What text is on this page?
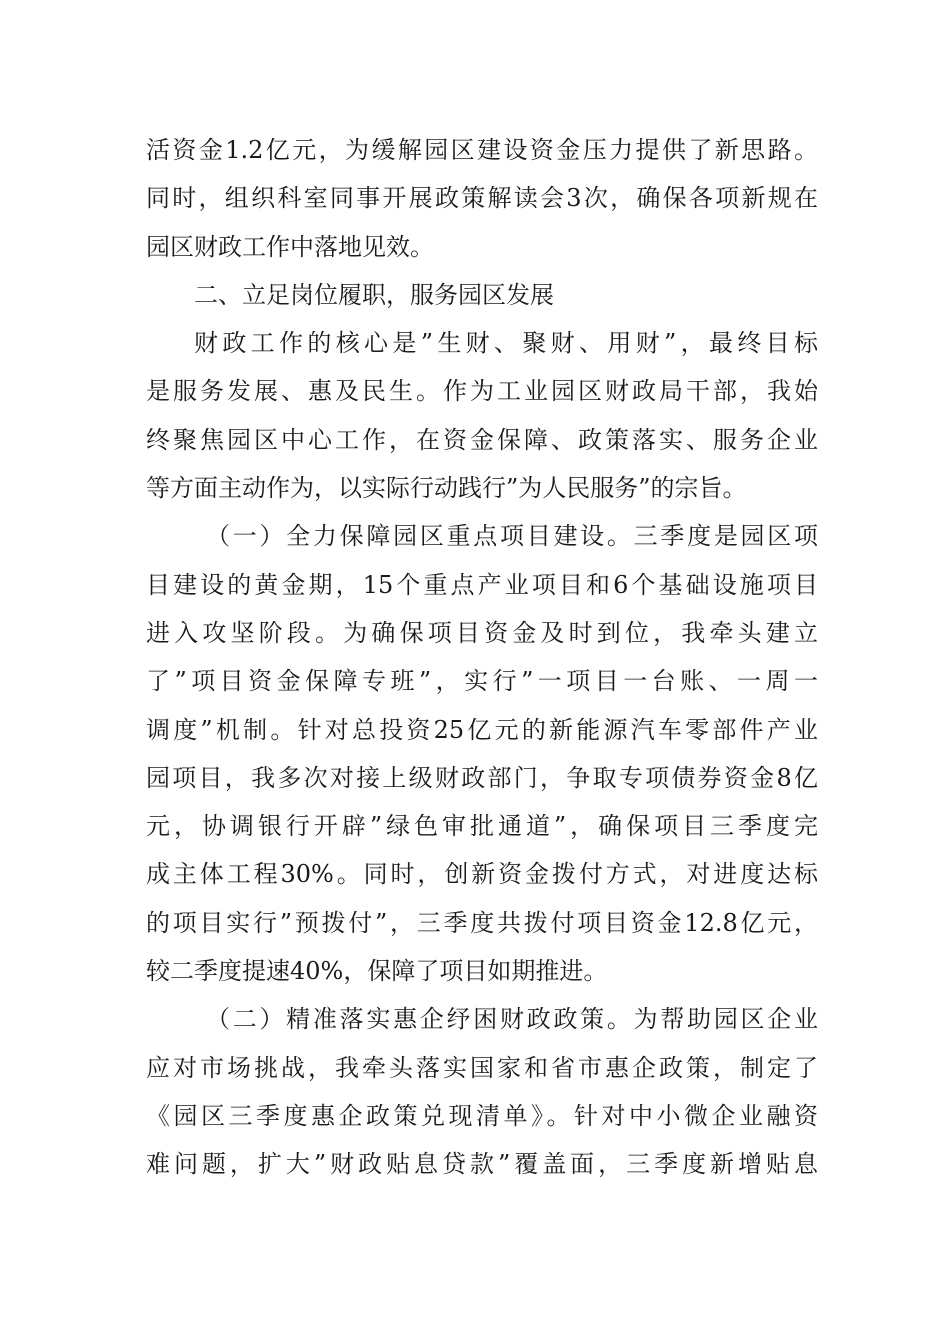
活资金1.2亿元，为缓解园区建设资金压力提供了新思路。
同时，组织科室同事开展政策解读会3次，确保各项新规在
园区财政工作中落地见效。
二、立足岗位履职，服务园区发展
财政工作的核心是”生财、聚财、用财”，最终目标
是服务发展、惠及民生。作为工业园区财政局干部，我始
终聚焦园区中心工作，在资金保障、政策落实、服务企业
等方面主动作为，以实际行动践行”为人民服务”的宗旨。
（一）全力保障园区重点项目建设。三季度是园区项
目建设的黄金期，15个重点产业项目和6个基础设施项目
进入攻坚阶段。为确保项目资金及时到位，我牵头建立
了”项目资金保障专班”，实行”一项目一台账、一周一
调度”机制。针对总投资25亿元的新能源汽车零部件产业
园项目，我多次对接上级财政部门，争取专项债券资金8亿
元，协调银行开辟”绿色审批通道”，确保项目三季度完
成主体工程30%。同时，创新资金拨付方式，对进度达标
的项目实行”预拨付”，三季度共拨付项目资金12.8亿元，
较二季度提速40%，保障了项目如期推进。
（二）精准落实惠企纾困财政政策。为帮助园区企业
应对市场挑战，我牵头落实国家和省市惠企政策，制定了
《园区三季度惠企政策兑现清单》。针对中小微企业融资
难问题，扩大”财政贴息贷款”覆盖面，三季度新增贴息
